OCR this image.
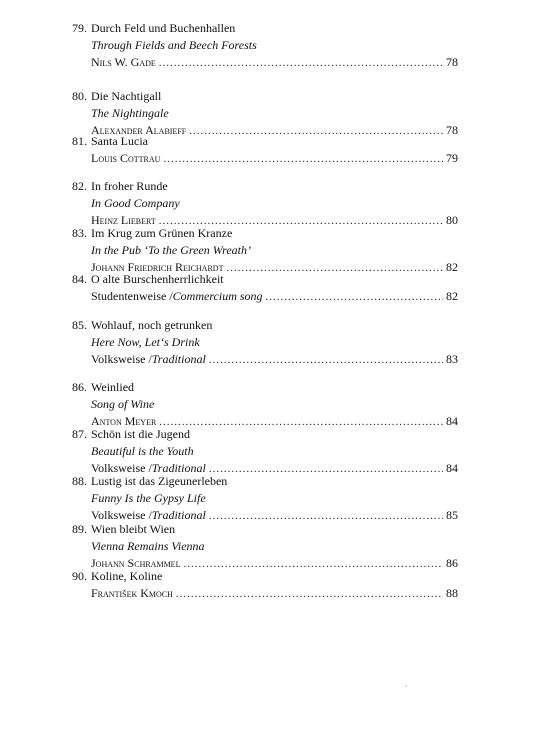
79. Durch Feld und Buchenhallen
Through Fields and Beech Forests
Nils W. Gade .....	78
80. Die Nachtigall
The Nightingale
Alexander Alabieff .....	78
81. Santa Lucia
Louis Cottrau .....	79
82. In froher Runde
In Good Company
Heinz Liebert .....	80
83. Im Krug zum Grünen Kranze
In the Pub ‘To the Green Wreath’
Johann Friedrich Reichardt .....	82
84. O alte Burschenherrlichkeit
Studentenweise / Commercium song .....	82
85. Wohlauf, noch getrunken
Here Now, Let‘s Drink
Volksweise / Traditional .....	83
86. Weinlied
Song of Wine
Anton Meyer .....	84
87. Schön ist die Jugend
Beautiful is the Youth
Volksweise / Traditional .....	84
88. Lustig ist das Zigeunerleben
Funny Is the Gypsy Life
Volksweise / Traditional .....	85
89. Wien bleibt Wien
Vienna Remains Vienna
Johann Schrammel .....	86
90. Koline, Koline
František Kmoch .....	88
